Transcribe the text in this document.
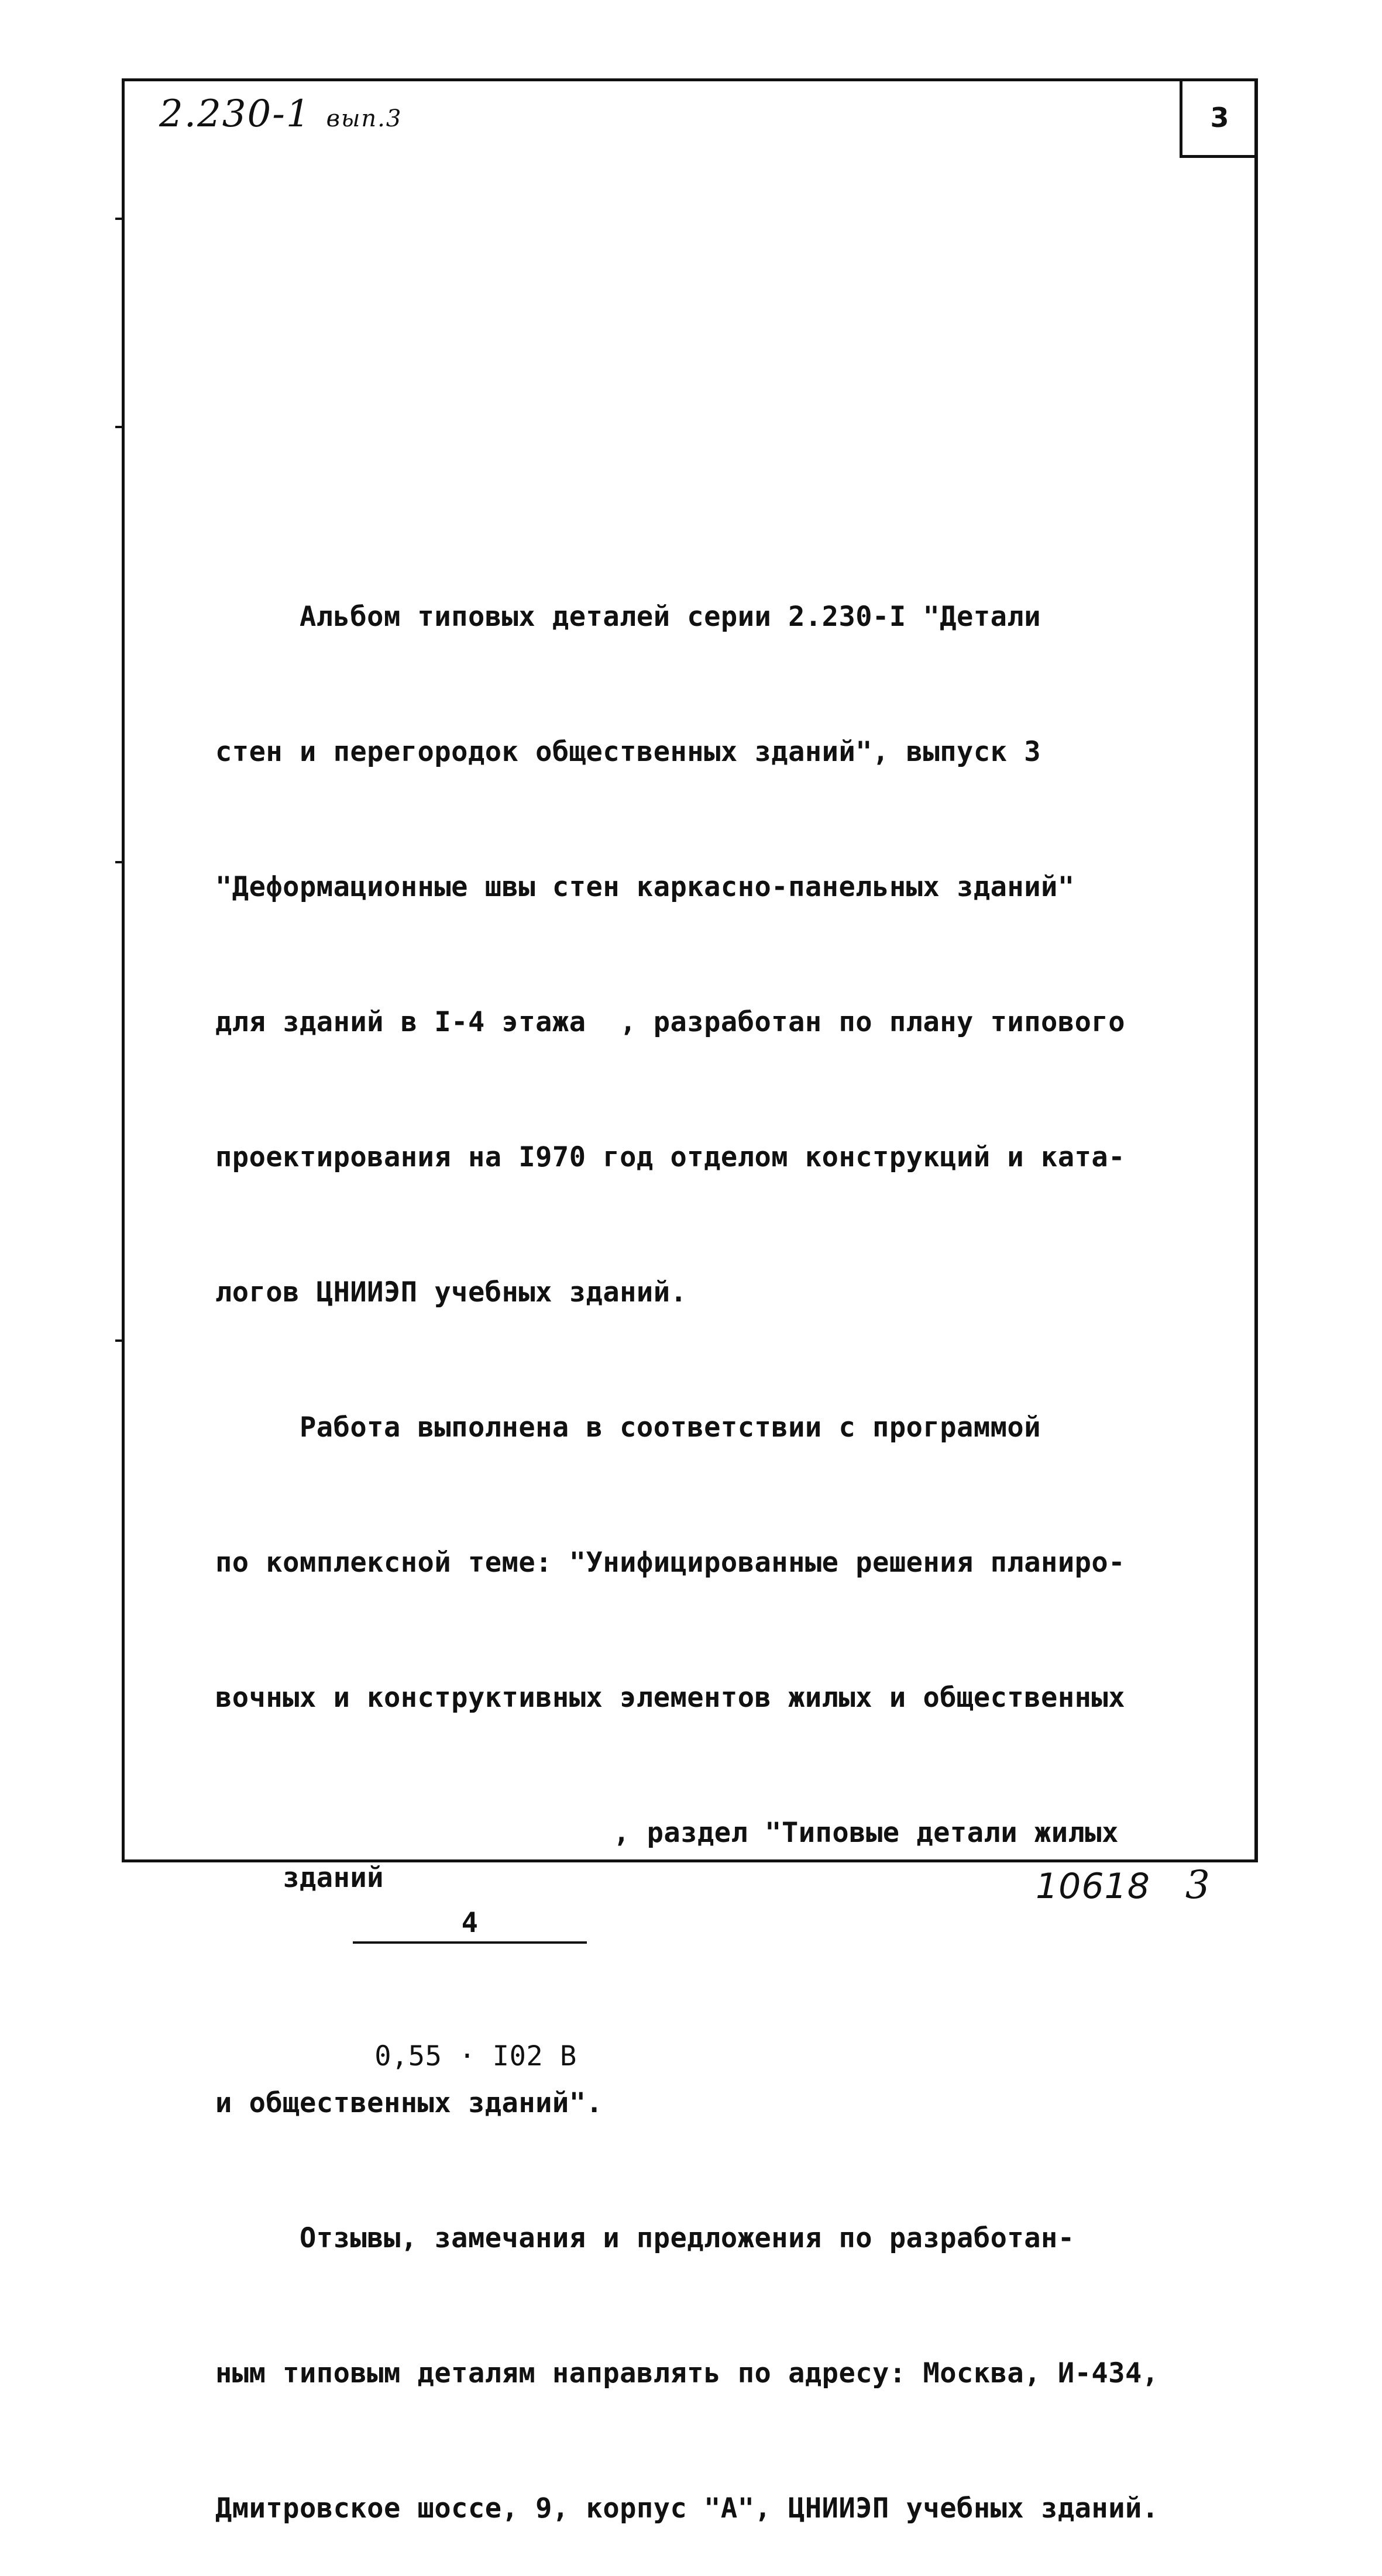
2.230-1 вып.3	3

Альбом типовых деталей серии 2.230-I "Детали

стен и перегородок общественных зданий", выпуск 3

"Деформационные швы стен каркасно-панельных зданий"

для зданий в I-4 этажа  , разработан по плану типового

проектирования на I970 год отделом конструкций и ката-

логов ЦНИИЭП учебных зданий.

Работа выполнена в соответствии с программой

по комплексной теме: "Унифицированные решения планиро-

вочных и конструктивных элементов жилых и общественных

зданий

4

0,55 · I02 В

, раздел "Типовые детали жилых

и общественных зданий".

Отзывы, замечания и предложения по разработан-

ным типовым деталям направлять по адресу: Москва, И-434,

Дмитровское шоссе, 9, корпус "А", ЦНИИЭП учебных зданий.

10618 3
